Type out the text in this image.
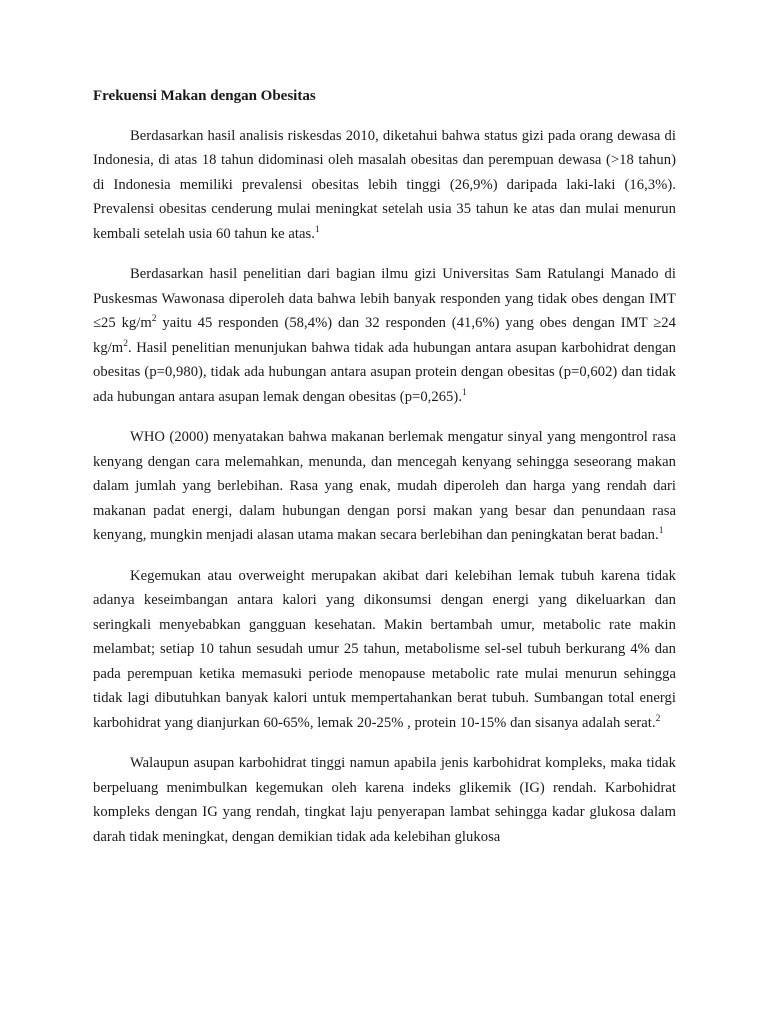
Frekuensi Makan dengan Obesitas

Berdasarkan hasil analisis riskesdas 2010, diketahui bahwa status gizi pada orang dewasa di Indonesia, di atas 18 tahun didominasi oleh masalah obesitas dan perempuan dewasa (>18 tahun) di Indonesia memiliki prevalensi obesitas lebih tinggi (26,9%) daripada laki-laki (16,3%). Prevalensi obesitas cenderung mulai meningkat setelah usia 35 tahun ke atas dan mulai menurun kembali setelah usia 60 tahun ke atas.$^1$

Berdasarkan hasil penelitian dari bagian ilmu gizi Universitas Sam Ratulangi Manado di Puskesmas Wawonasa diperoleh data bahwa lebih banyak responden yang tidak obes dengan IMT ≤25 $kg/m^2$ yaitu 45 responden (58,4%) dan 32 responden (41,6%) yang obes dengan IMT ≥24 $kg/m^2$. Hasil penelitian menunjukan bahwa tidak ada hubungan antara asupan karbohidrat dengan obesitas (p=0,980), tidak ada hubungan antara asupan protein dengan obesitas (p=0,602) dan tidak ada hubungan antara asupan lemak dengan obesitas (p=0,265).$^1$

WHO (2000) menyatakan bahwa makanan berlemak mengatur sinyal yang mengontrol rasa kenyang dengan cara melemahkan, menunda, dan mencegah kenyang sehingga seseorang makan dalam jumlah yang berlebihan. Rasa yang enak, mudah diperoleh dan harga yang rendah dari makanan padat energi, dalam hubungan dengan porsi makan yang besar dan penundaan rasa kenyang, mungkin menjadi alasan utama makan secara berlebihan dan peningkatan berat badan.$^1$

Kegemukan atau overweight merupakan akibat dari kelebihan lemak tubuh karena tidak adanya keseimbangan antara kalori yang dikonsumsi dengan energi yang dikeluarkan dan seringkali menyebabkan gangguan kesehatan. Makin bertambah umur, metabolic rate makin melambat; setiap 10 tahun sesudah umur 25 tahun, metabolisme sel-sel tubuh berkurang 4% dan pada perempuan ketika memasuki periode menopause metabolic rate mulai menurun sehingga tidak lagi dibutuhkan banyak kalori untuk mempertahankan berat tubuh. Sumbangan total energi karbohidrat yang dianjurkan 60-65%, lemak 20-25% , protein 10-15% dan sisanya adalah serat.$^2$

Walaupun asupan karbohidrat tinggi namun apabila jenis karbohidrat kompleks, maka tidak berpeluang menimbulkan kegemukan oleh karena indeks glikemik (IG) rendah. Karbohidrat kompleks dengan IG yang rendah, tingkat laju penyerapan lambat sehingga kadar glukosa dalam darah tidak meningkat, dengan demikian tidak ada kelebihan glukosa
